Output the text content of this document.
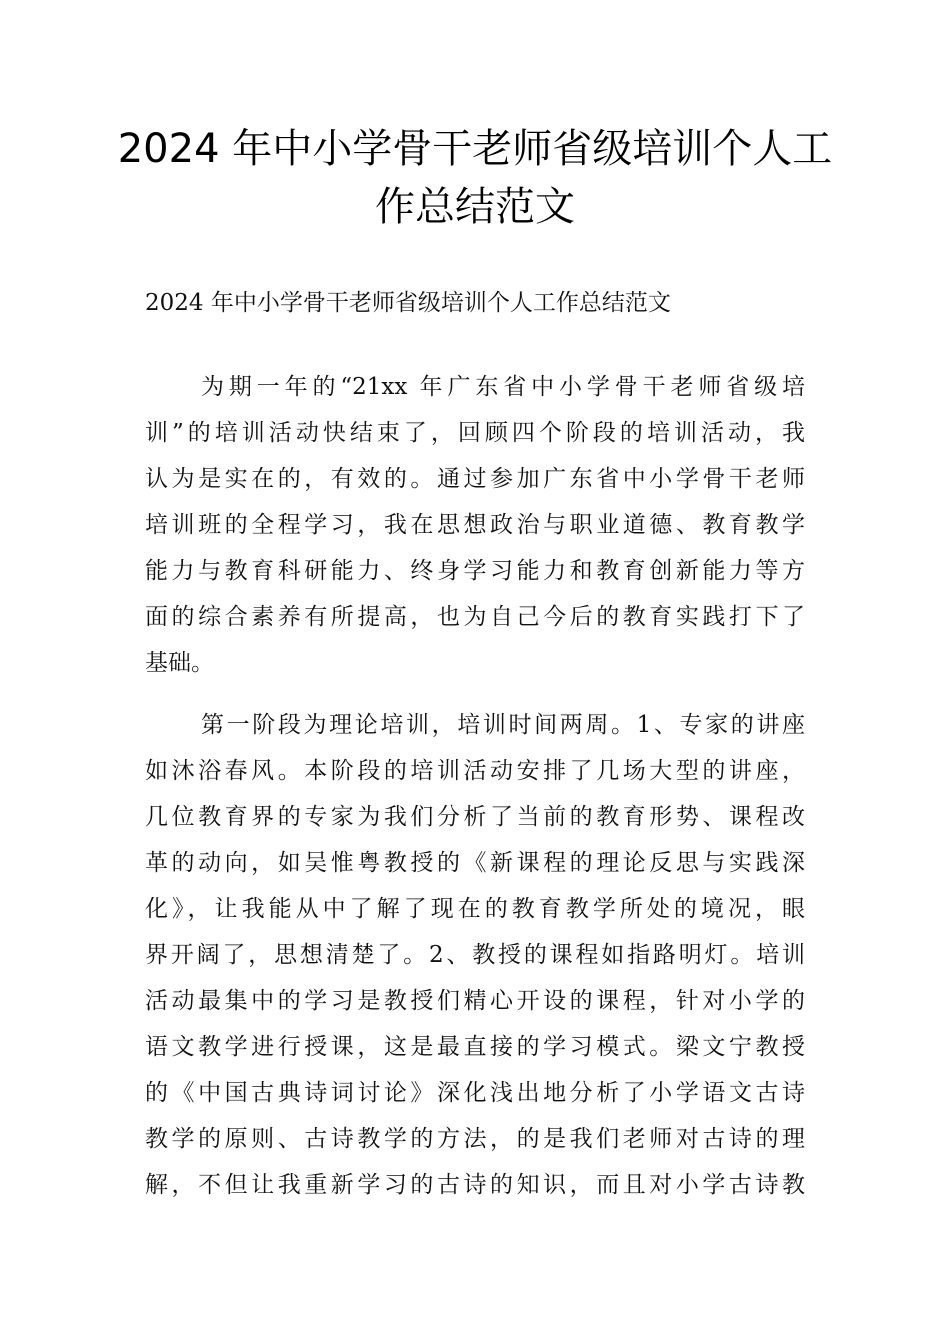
2024 年中小学骨干老师省级培训个人工
作总结范文
2024 年中小学骨干老师省级培训个人工作总结范文
为期一年的“21xx 年广东省中小学骨干老师省级培
训”的培训活动快结束了，回顾四个阶段的培训活动，我
认为是实在的，有效的。通过参加广东省中小学骨干老师
培训班的全程学习，我在思想政治与职业道德、教育教学
能力与教育科研能力、终身学习能力和教育创新能力等方
面的综合素养有所提高，也为自己今后的教育实践打下了
基础。
第一阶段为理论培训，培训时间两周。1、专家的讲座
如沐浴春风。本阶段的培训活动安排了几场大型的讲座，
几位教育界的专家为我们分析了当前的教育形势、课程改
革的动向，如吴惟粤教授的《新课程的理论反思与实践深
化》，让我能从中了解了现在的教育教学所处的境况，眼
界开阔了，思想清楚了。2、教授的课程如指路明灯。培训
活动最集中的学习是教授们精心开设的课程，针对小学的
语文教学进行授课，这是最直接的学习模式。梁文宁教授
的《中国古典诗词讨论》深化浅出地分析了小学语文古诗
教学的原则、古诗教学的方法，的是我们老师对古诗的理
解，不但让我重新学习的古诗的知识，而且对小学古诗教
